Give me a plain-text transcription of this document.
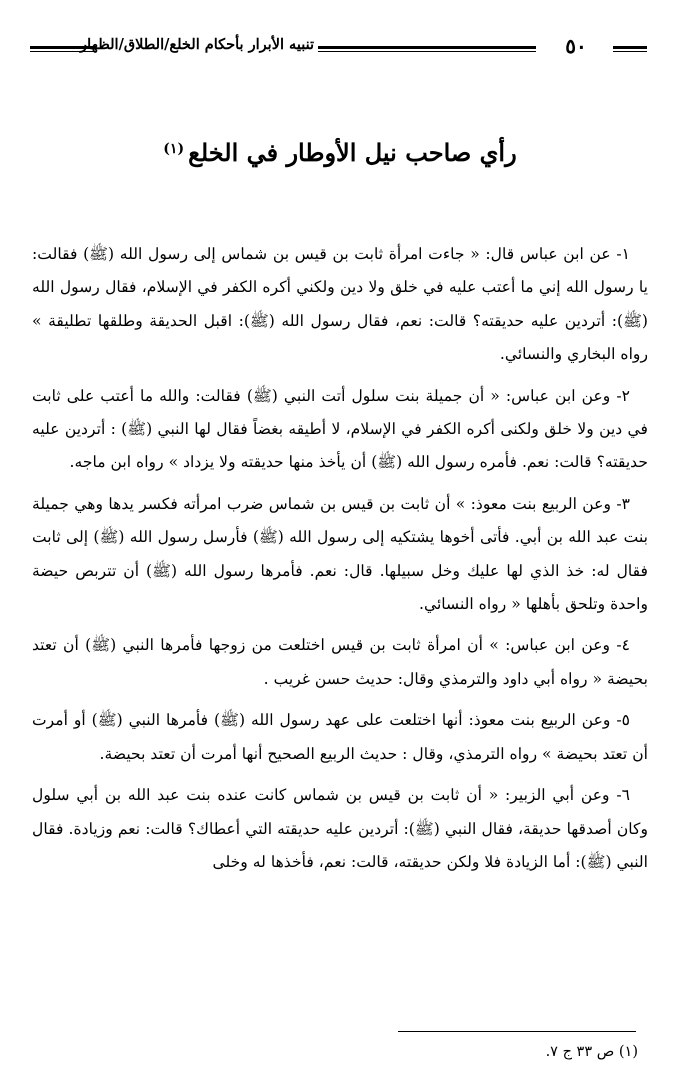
٥٠
تنبيه الأبرار بأحكام الخلع/الطلاق/الظهار
رأي صاحب نيل الأوطار في الخلع$^{(١)}$

١- عن ابن عباس قال: « جاءت امرأة ثابت بن قيس بن شماس إلى رسول الله (ﷺ) فقالت: يا رسول الله إني ما أعتب عليه في خلق ولا دين ولكني أكره الكفر في الإسلام، فقال رسول الله (ﷺ): أتردين عليه حديقته؟ قالت: نعم، فقال رسول الله (ﷺ): اقبل الحديقة وطلقها تطليقة » رواه البخاري والنسائي.

٢- وعن ابن عباس: « أن جميلة بنت سلول أتت النبي (ﷺ) فقالت: والله ما أعتب على ثابت في دين ولا خلق ولكنى أكره الكفر في الإسلام، لا أطيقه بغضاً فقال لها النبي (ﷺ) : أتردين عليه حديقته؟ قالت: نعم. فأمره رسول الله (ﷺ) أن يأخذ منها حديقته ولا يزداد » رواه ابن ماجه.

٣- وعن الربيع بنت معوذ: » أن ثابت بن قيس بن شماس ضرب امرأته فكسر يدها وهي جميلة بنت عبد الله بن أبي. فأتى أخوها يشتكيه إلى رسول الله (ﷺ) فأرسل رسول الله (ﷺ) إلى ثابت فقال له: خذ الذي لها عليك وخل سبيلها. قال: نعم. فأمرها رسول الله (ﷺ) أن تتربص حيضة واحدة وتلحق بأهلها « رواه النسائي.

٤- وعن ابن عباس: » أن امرأة ثابت بن قيس اختلعت من زوجها فأمرها النبي (ﷺ) أن تعتد بحيضة « رواه أبي داود والترمذي وقال: حديث حسن غريب .

٥- وعن الربيع بنت معوذ: أنها اختلعت على عهد رسول الله (ﷺ) فأمرها النبي (ﷺ) أو أمرت أن تعتد بحيضة » رواه الترمذي، وقال : حديث الربيع الصحيح أنها أمرت أن تعتد بحيضة.

٦- وعن أبي الزبير: « أن ثابت بن قيس بن شماس كانت عنده بنت عبد الله بن أبي سلول وكان أصدقها حديقة، فقال النبي (ﷺ): أتردين عليه حديقته التي أعطاك؟ قالت: نعم وزيادة. فقال النبي (ﷺ): أما الزيادة فلا ولكن حديقته، قالت: نعم، فأخذها له وخلى

(١) ص ٣٣ ج ٧.
